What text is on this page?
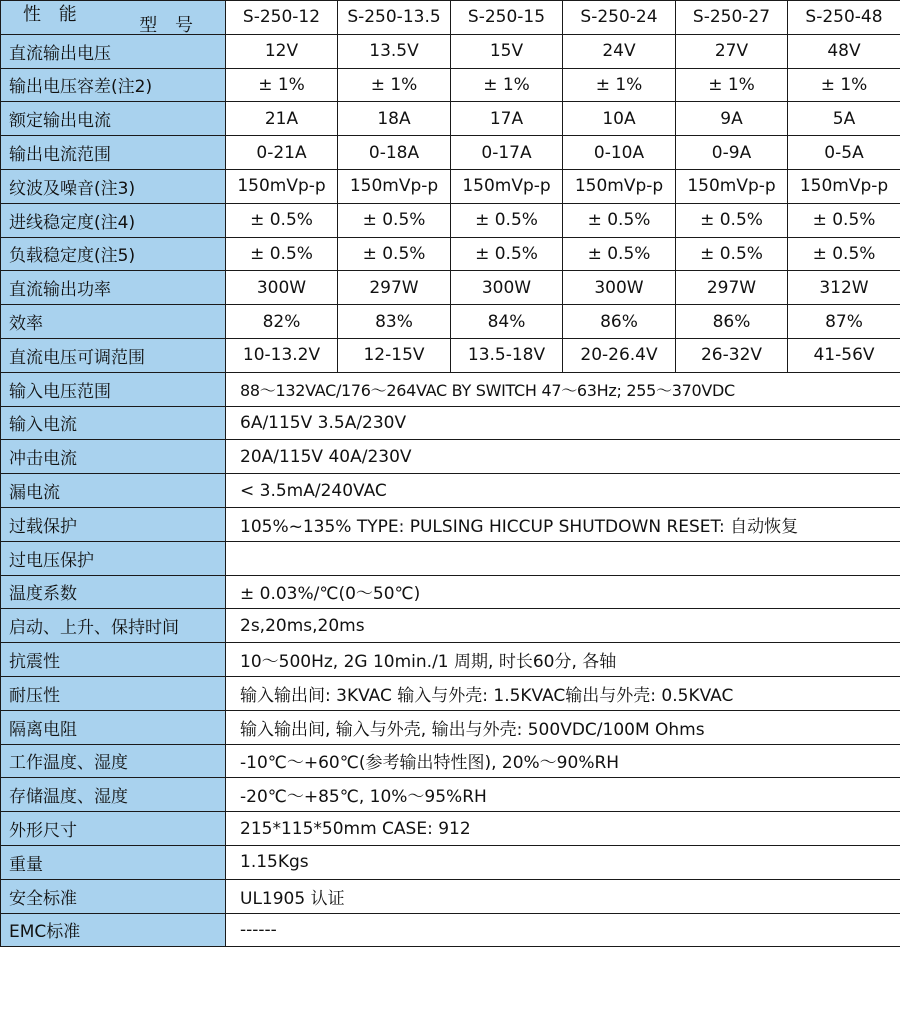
型 号
性 能	S-250-12	S-250-13.5	S-250-15	S-250-24	S-250-27	S-250-48
直流输出电压	12V	13.5V	15V	24V	27V	48V
输出电压容差(注2)	± 1%	± 1%	± 1%	± 1%	± 1%	± 1%
额定输出电流	21A	18A	17A	10A	9A	5A
输出电流范围	0-21A	0-18A	0-17A	0-10A	0-9A	0-5A
纹波及噪音(注3)	150mVp-p	150mVp-p	150mVp-p	150mVp-p	150mVp-p	150mVp-p
进线稳定度(注4)	± 0.5%	± 0.5%	± 0.5%	± 0.5%	± 0.5%	± 0.5%
负载稳定度(注5)	± 0.5%	± 0.5%	± 0.5%	± 0.5%	± 0.5%	± 0.5%
直流输出功率	300W	297W	300W	300W	297W	312W
效率	82%	83%	84%	86%	86%	87%
直流电压可调范围	10-13.2V	12-15V	13.5-18V	20-26.4V	26-32V	41-56V
输入电压范围	88～132VAC/176～264VAC BY SWITCH 47～63Hz; 255～370VDC					
输入电流	6A/115V 3.5A/230V					
冲击电流	20A/115V 40A/230V					
漏电流	< 3.5mA/240VAC					
过载保护	105%~135% TYPE: PULSING HICCUP SHUTDOWN RESET: 自动恢复					
过电压保护						
温度系数	± 0.03%/℃(0～50℃)					
启动、上升、保持时间	2s,20ms,20ms					
抗震性	10～500Hz, 2G 10min./1 周期, 时长60分, 各轴					
耐压性	输入输出间: 3KVAC 输入与外壳: 1.5KVAC输出与外壳: 0.5KVAC					
隔离电阻	输入输出间, 输入与外壳, 输出与外壳: 500VDC/100M Ohms					
工作温度、湿度	-10℃～+60℃(参考输出特性图), 20%～90%RH					
存储温度、湿度	-20℃～+85℃, 10%～95%RH					
外形尺寸	215*115*50mm CASE: 912					
重量	1.15Kgs					
安全标准	UL1905 认证					
EMC标准	------					
